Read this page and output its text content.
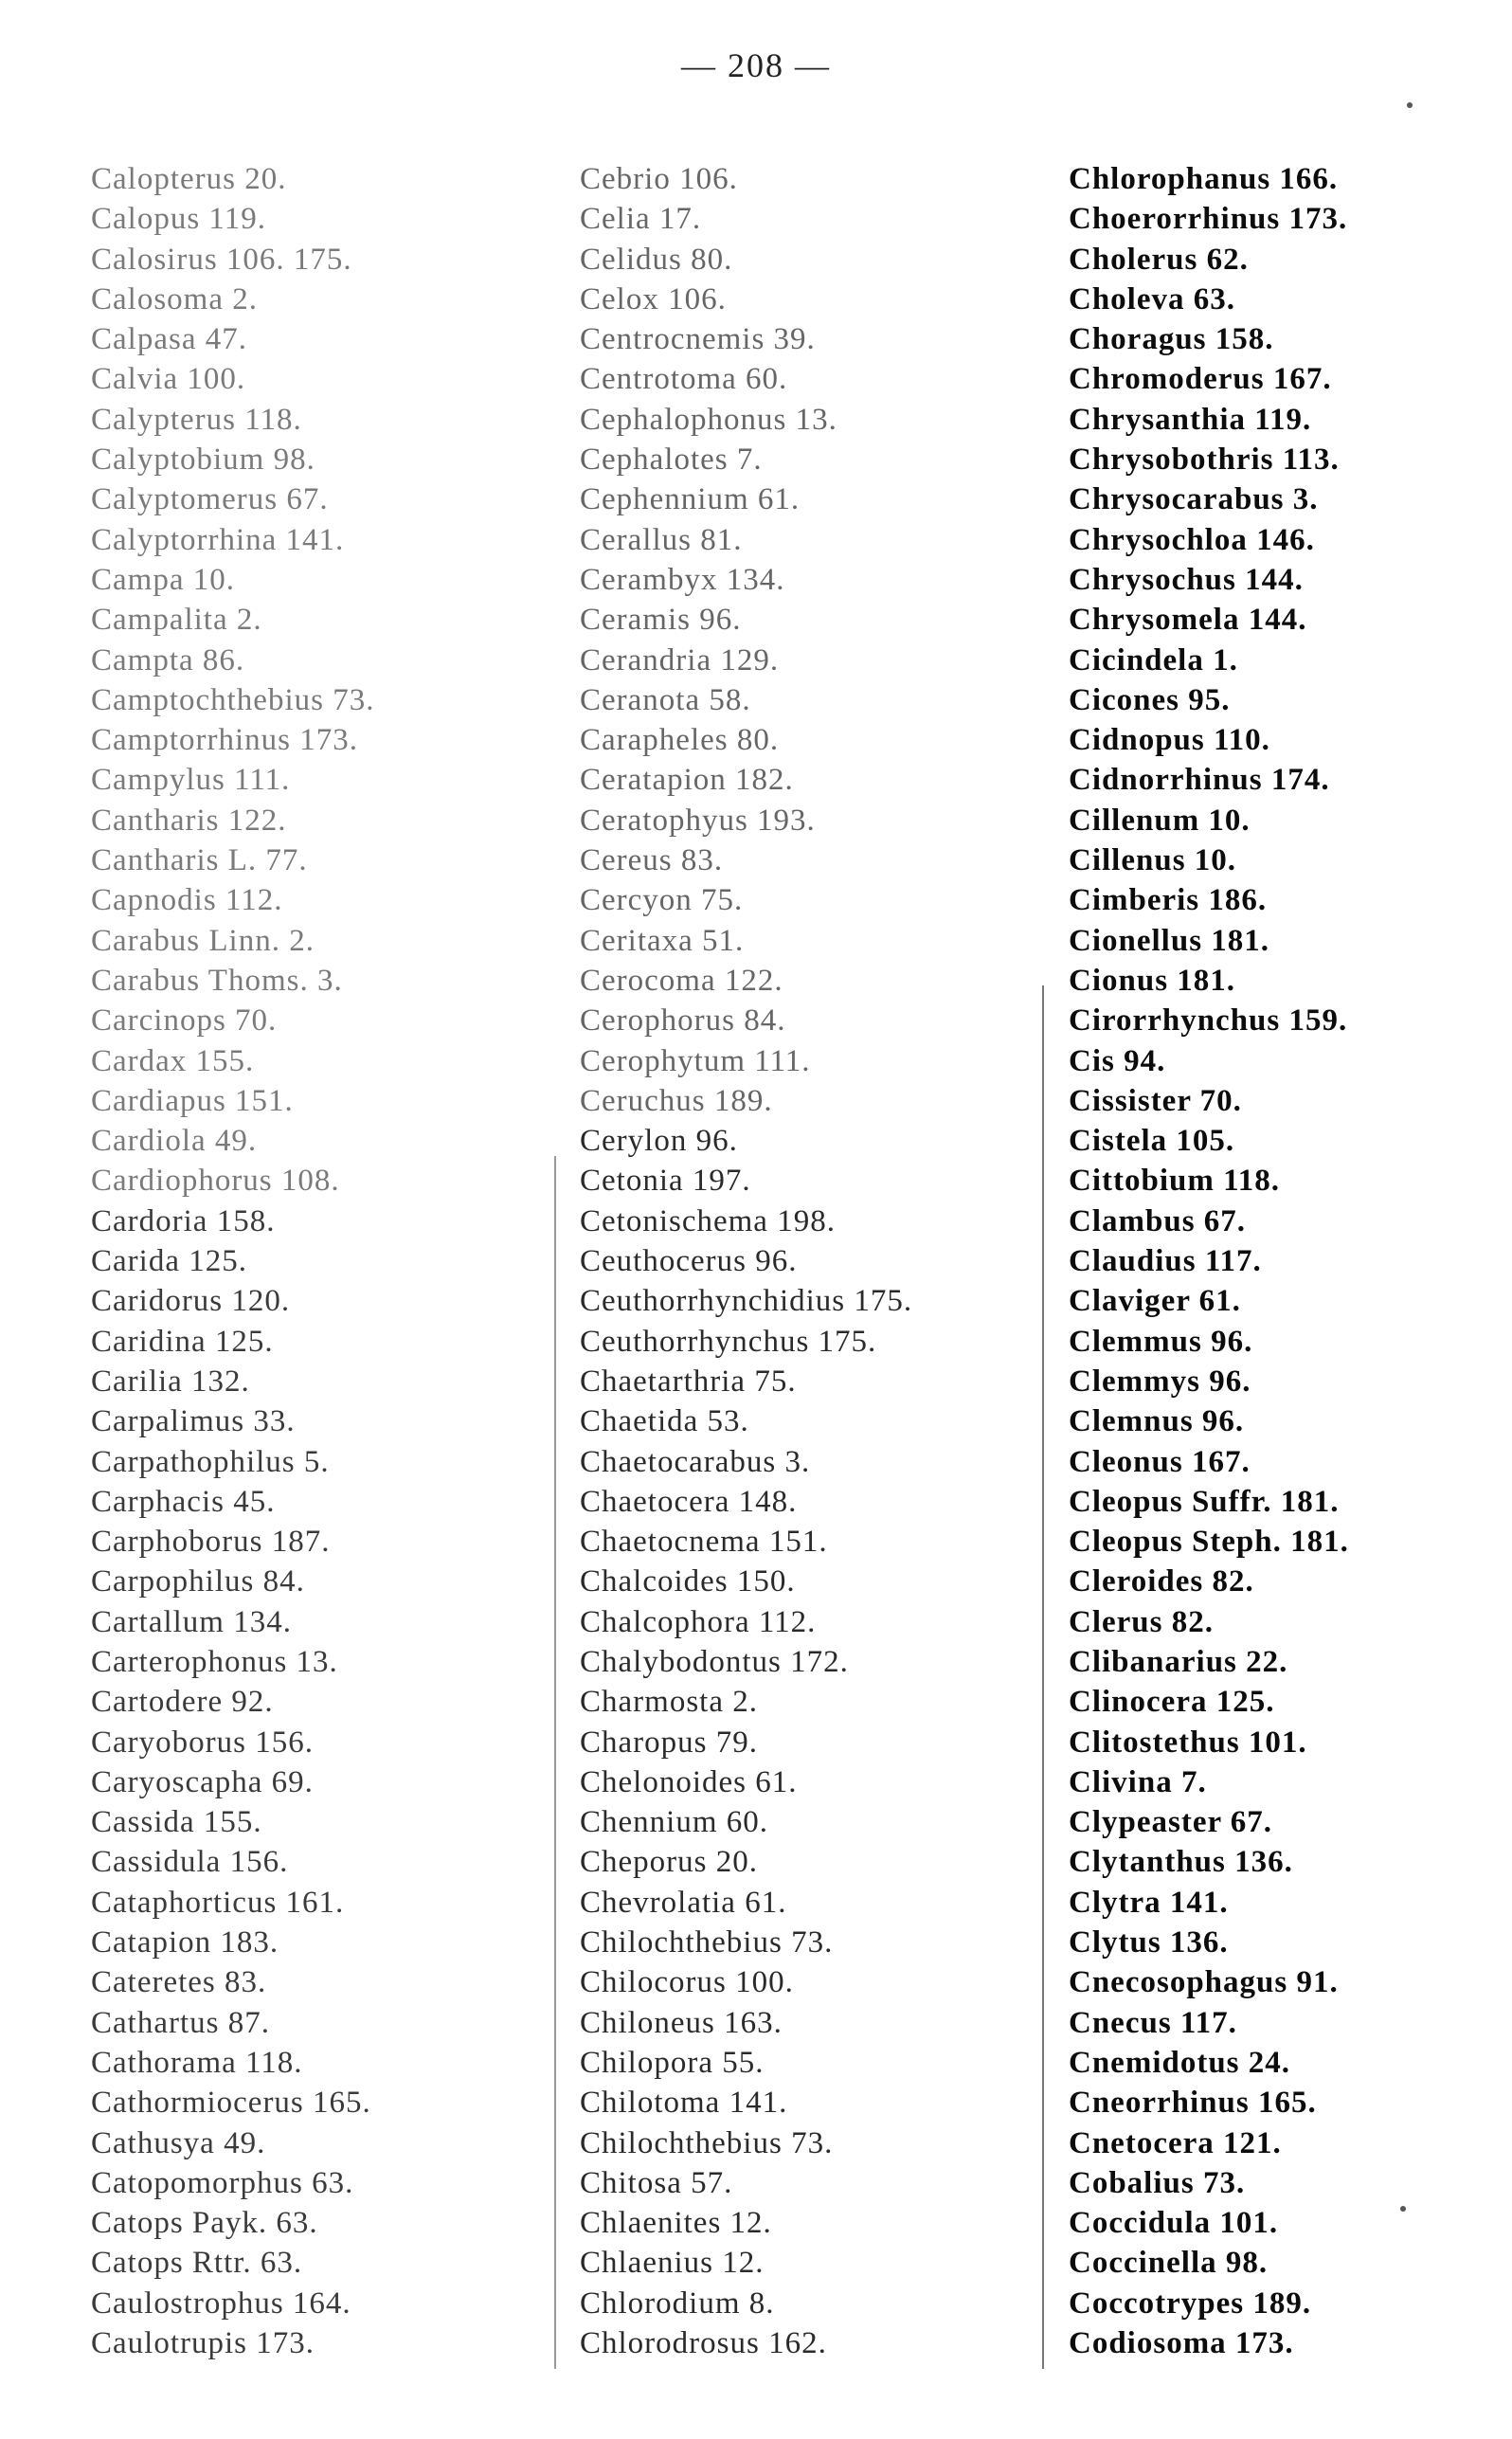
— 208 —
Calopterus 20.
Calopus 119.
Calosirus 106. 175.
Calosoma 2.
Calpasa 47.
Calvia 100.
Calypterus 118.
Calyptobium 98.
Calyptomerus 67.
Calyptorrhina 141.
Campa 10.
Campalita 2.
Campta 86.
Camptochthebius 73.
Camptorrhinus 173.
Campylus 111.
Cantharis 122.
Cantharis L. 77.
Capnodis 112.
Carabus Linn. 2.
Carabus Thoms. 3.
Carcinops 70.
Cardax 155.
Cardiapus 151.
Cardiola 49.
Cardiophorus 108.
Cardoria 158.
Carida 125.
Caridorus 120.
Caridina 125.
Carilia 132.
Carpalimus 33.
Carpathophilus 5.
Carphacis 45.
Carphoborus 187.
Carpophilus 84.
Cartallum 134.
Carterophonus 13.
Cartodere 92.
Caryoborus 156.
Caryoscapha 69.
Cassida 155.
Cassidula 156.
Cataphorticus 161.
Catapion 183.
Cateretes 83.
Cathartus 87.
Cathorama 118.
Cathormiocerus 165.
Cathusya 49.
Catopomorphus 63.
Catops Payk. 63.
Catops Rttr. 63.
Caulostrophus 164.
Caulotrupis 173.
Cebrio 106.
Celia 17.
Celidus 80.
Celox 106.
Centrocnemis 39.
Centrotoma 60.
Cephalophonus 13.
Cephalotes 7.
Cephennium 61.
Cerallus 81.
Cerambyx 134.
Ceramis 96.
Cerandria 129.
Ceranota 58.
Carapheles 80.
Ceratapion 182.
Ceratophyus 193.
Cereus 83.
Cercyon 75.
Ceritaxa 51.
Cerocoma 122.
Cerophorus 84.
Cerophytum 111.
Ceruchus 189.
Cerylon 96.
Cetonia 197.
Cetonischema 198.
Ceuthocerus 96.
Ceuthorrhynchidius 175.
Ceuthorrhynchus 175.
Chaetarthria 75.
Chaetida 53.
Chaetocarabus 3.
Chaetocera 148.
Chaetocnema 151.
Chalcoides 150.
Chalcophora 112.
Chalybodontus 172.
Charmosta 2.
Charopus 79.
Chelonoides 61.
Chennium 60.
Cheporus 20.
Chevrolatia 61.
Chilochthebius 73.
Chilocorus 100.
Chiloneus 163.
Chilopora 55.
Chilotoma 141.
Chilochthebius 73.
Chitosa 57.
Chlaenites 12.
Chlaenius 12.
Chlorodium 8.
Chlorodrosus 162.
Chlorophanus 166.
Choerorrhinus 173.
Cholerus 62.
Choleva 63.
Choragus 158.
Chromoderus 167.
Chrysanthia 119.
Chrysobothris 113.
Chrysocarabus 3.
Chrysochloa 146.
Chrysochus 144.
Chrysomela 144.
Cicindela 1.
Cicones 95.
Cidnopus 110.
Cidnorrhinus 174.
Cillenum 10.
Cillenus 10.
Cimberis 186.
Cionellus 181.
Cionus 181.
Cirorrhynchus 159.
Cis 94.
Cissister 70.
Cistela 105.
Cittobium 118.
Clambus 67.
Claudius 117.
Claviger 61.
Clemmus 96.
Clemmys 96.
Clemnus 96.
Cleonus 167.
Cleopus Suffr. 181.
Cleopus Steph. 181.
Cleroides 82.
Clerus 82.
Clibanarius 22.
Clinocera 125.
Clitostethus 101.
Clivina 7.
Clypeaster 67.
Clytanthus 136.
Clytra 141.
Clytus 136.
Cnecosophagus 91.
Cnecus 117.
Cnemidotus 24.
Cneorrhinus 165.
Cnetocera 121.
Cobalius 73.
Coccidula 101.
Coccinella 98.
Coccotrypes 189.
Codiosoma 173.
